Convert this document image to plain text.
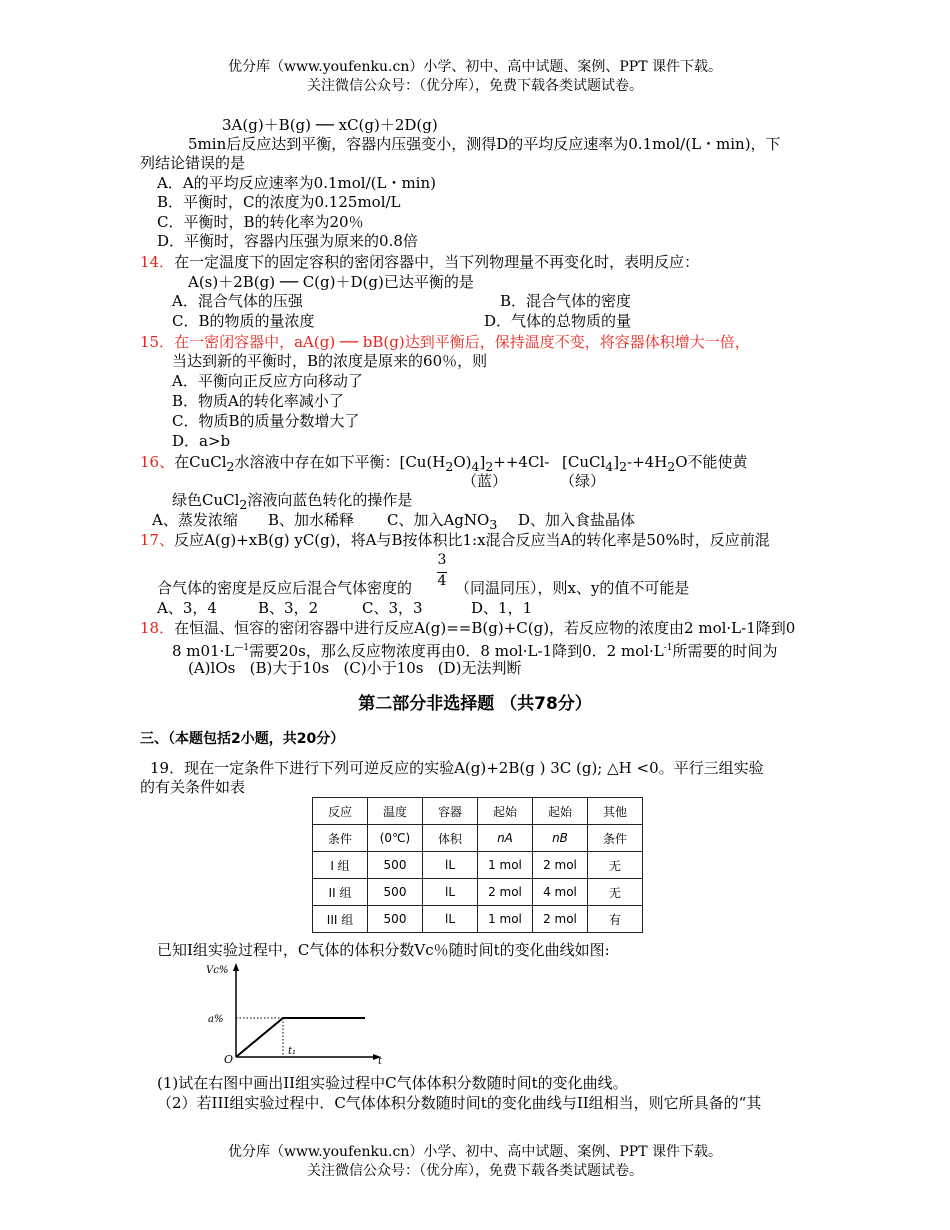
优分库（www.youfenku.cn）小学、初中、高中试题、案例、PPT 课件下载。
关注微信公众号：（优分库），免费下载各类试题试卷。
3A(g)＋B(g) ── xC(g)＋2D(g)
5min后反应达到平衡，容器内压强变小，测得D的平均反应速率为0.1mol/(L・min)，下
列结论错误的是
A．A的平均反应速率为0.1mol/(L・min)
B．平衡时，C的浓度为0.125mol/L
C．平衡时，B的转化率为20％
D．平衡时，容器内压强为原来的0.8倍
14．在一定温度下的固定容积的密闭容器中，当下列物理量不再变化时，表明反应：
A(s)＋2B(g) ── C(g)＋D(g)已达平衡的是
A．混合气体的压强	B．混合气体的密度
C．B的物质的量浓度	D．气体的总物质的量
15．在一密闭容器中，aA(g) ── bB(g)达到平衡后，保持温度不变，将容器体积增大一倍，
当达到新的平衡时，B的浓度是原来的60％，则
A．平衡向正反应方向移动了
B．物质A的转化率减小了
C．物质B的质量分数增大了
D．a>b
16、在CuCl$_2$水溶液中存在如下平衡：$[Cu(H_2O)_4]_2++4Cl-$ $[CuCl_4]_2-+4H_2O$不能使黄
（蓝）	（绿）
绿色CuCl$_2$溶液向蓝色转化的操作是
A、蒸发浓缩 B、加水稀释 C、加入AgNO$_3$ D、加入食盐晶体
17、反应A(g)+xB(g) yC(g)，将A与B按体积比1:x混合反应当A的转化率是50%时，反应前混
3
4
合气体的密度是反应后混合气体密度的	（同温同压），则x、y的值不可能是
A、3，4	B、3，2	C、3，3	D、1，1
18．在恒温、恒容的密闭容器中进行反应A(g)==B(g)+C(g)，若反应物的浓度由2 mol·L-1降到0
8 $m01\cdot L^{—1}$需要20s，那么反应物浓度再由0．8 mol·L-1降到0．2 $mol\cdot L^{-1}$所需要的时间为
(A)lOs (B)大于10s (C)小于10s (D)无法判断
第二部分非选择题 （共78分）
三、（本题包括2小题，共20分）
19．现在一定条件下进行下列可逆反应的实验A(g)+2B(g ) 3C (g); △H <0。平行三组实验
的有关条件如表
反应	温度	容器	起始	起始	其他
条件	(0℃)	体积	nA	nB	条件
I 组	500	lL	1 mol	2 mol	无
II 组	500	lL	2 mol	4 mol	无
III 组	500	lL	1 mol	2 mol	有
已知I组实验过程中，C气体的体积分数Vc％随时间t的变化曲线如图:
Vc%
a%
O
t₁
t
(1)试在右图中画出II组实验过程中C气体体积分数随时间t的变化曲线。
（2）若III组实验过程中．C气体体积分数随时间t的变化曲线与II组相当，则它所具备的“其
优分库（www.youfenku.cn）小学、初中、高中试题、案例、PPT 课件下载。
关注微信公众号：（优分库），免费下载各类试题试卷。
